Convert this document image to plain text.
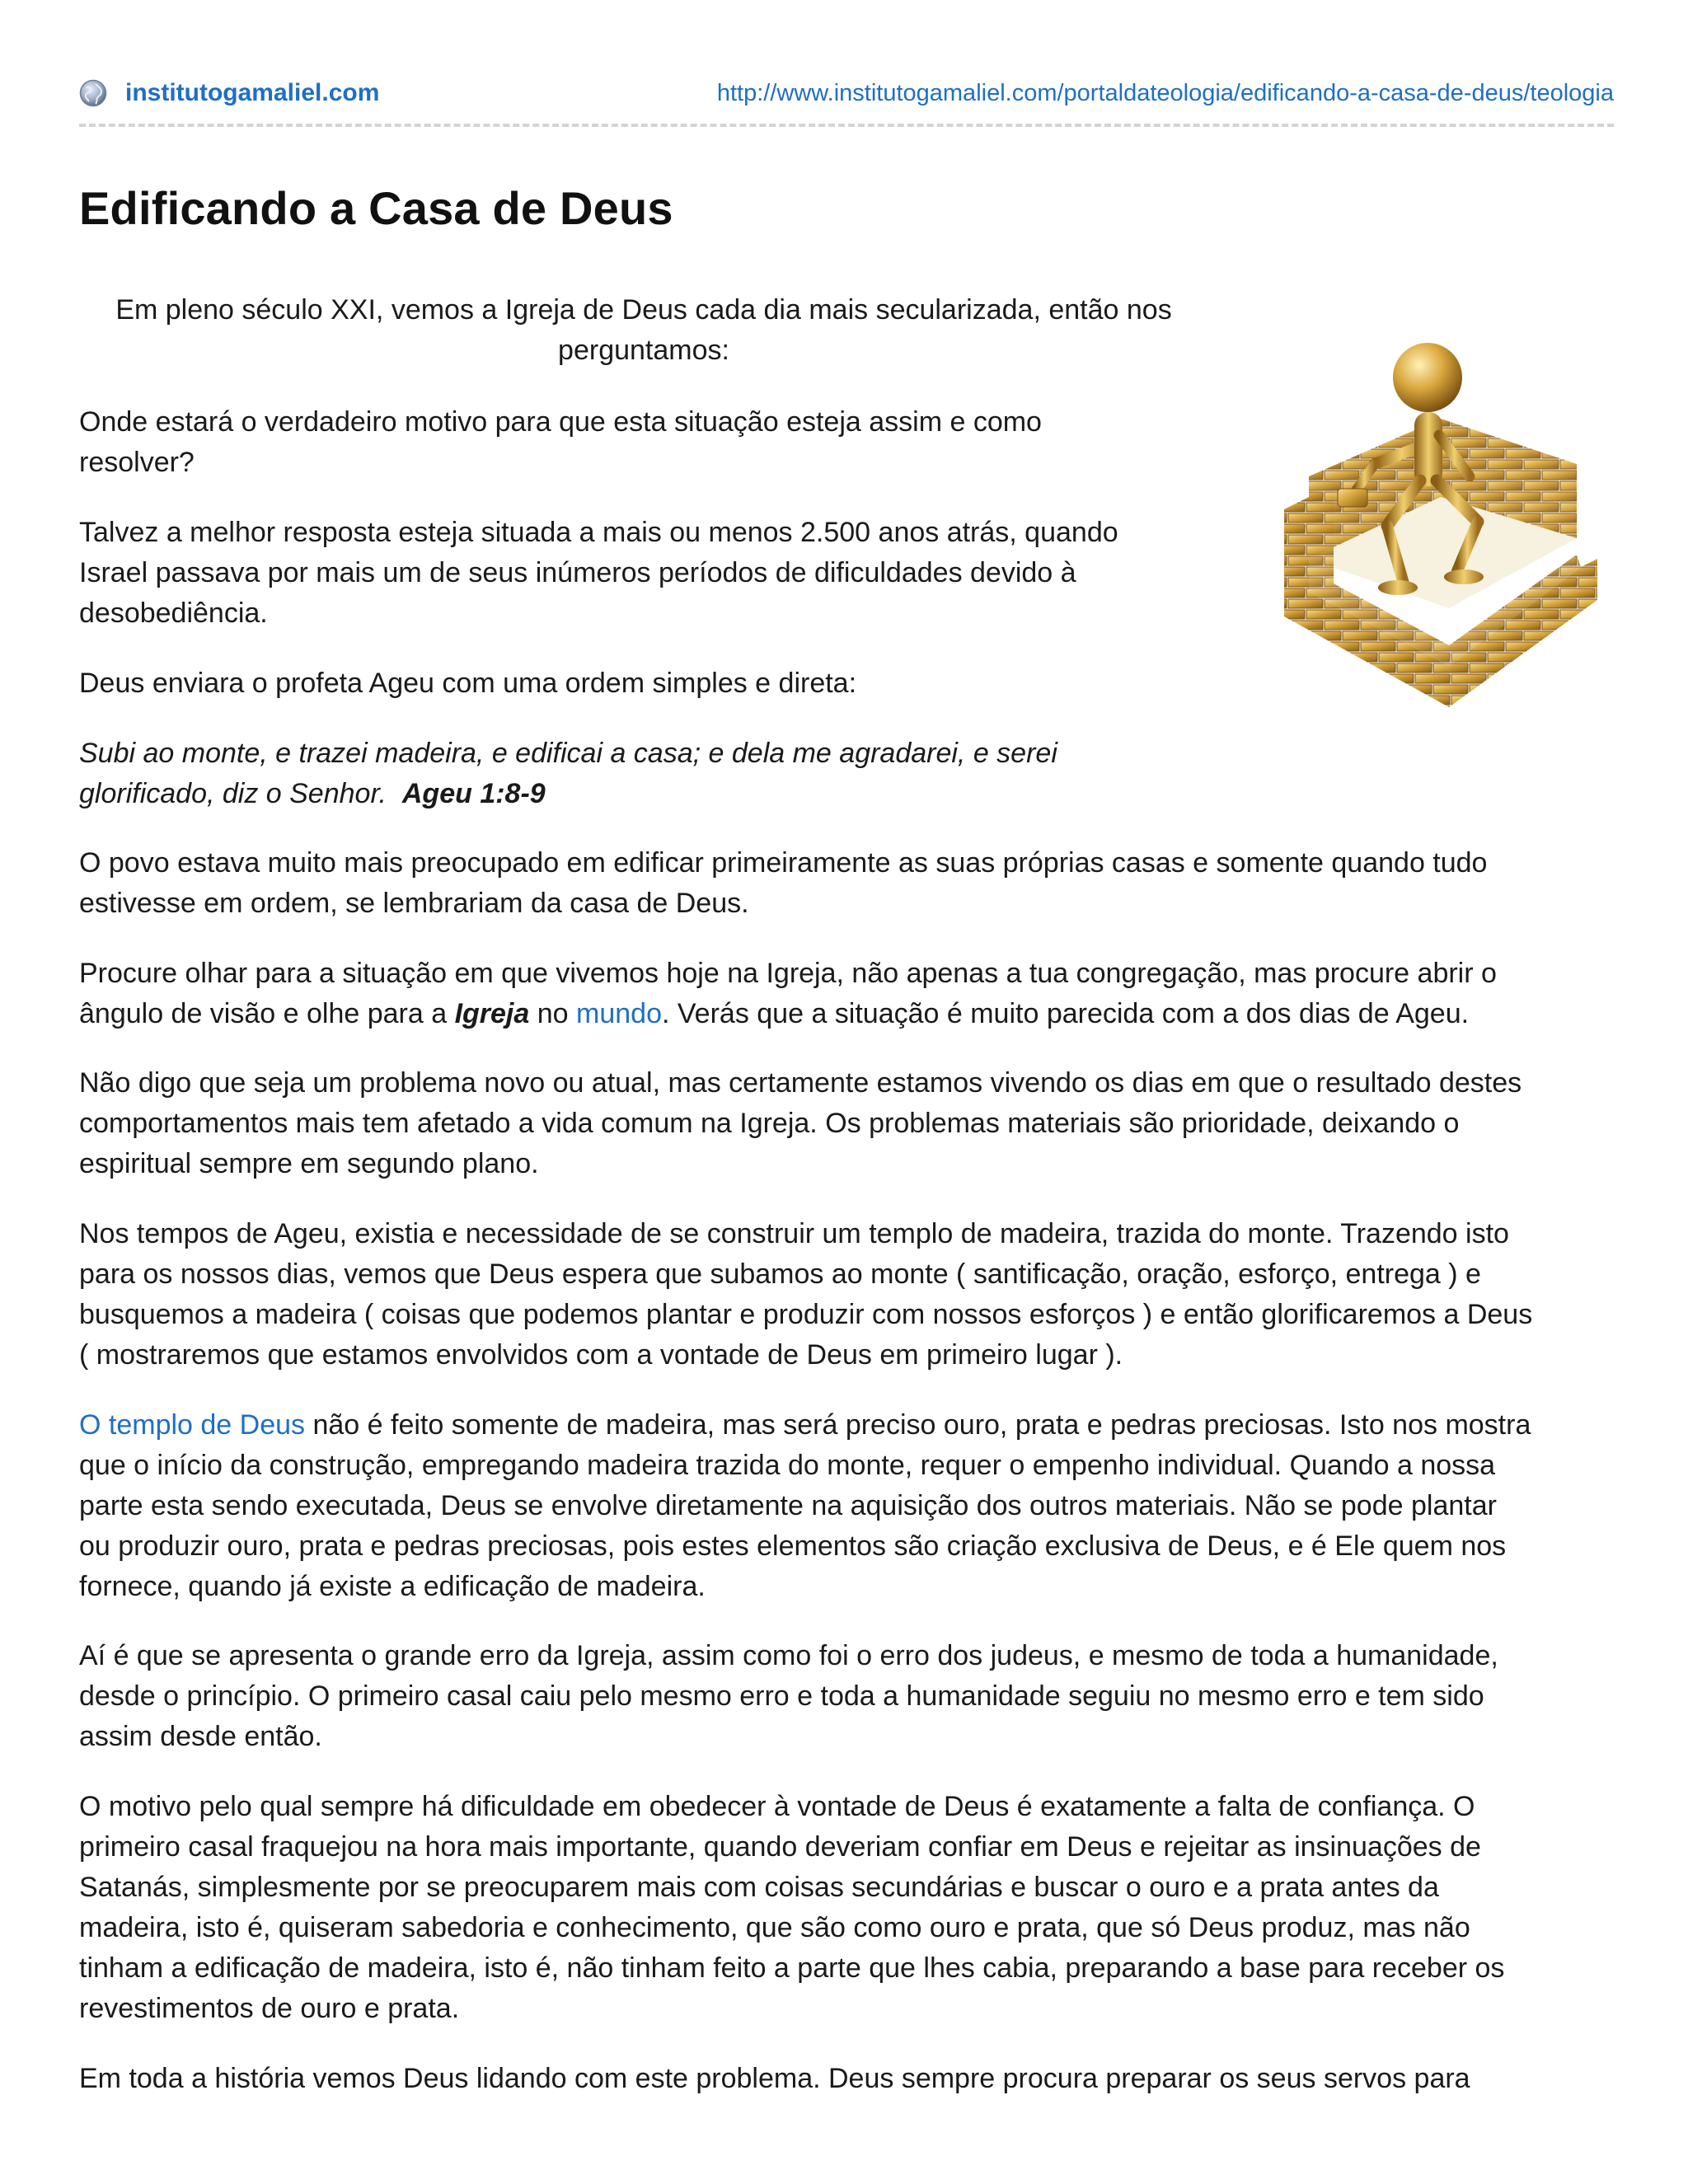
institutogamaliel.com	http://www.institutogamaliel.com/portaldateologia/edificando-a-casa-de-deus/teologia
Edificando a Casa de Deus

Em pleno século XXI, vemos a Igreja de Deus cada dia mais secularizada, então nos
perguntamos:

Onde estará o verdadeiro motivo para que esta situação esteja assim e como
resolver?

Talvez a melhor resposta esteja situada a mais ou menos 2.500 anos atrás, quando
Israel passava por mais um de seus inúmeros períodos de dificuldades devido à
desobediência.

Deus enviara o profeta Ageu com uma ordem simples e direta:

Subi ao monte, e trazei madeira, e edificai a casa; e dela me agradarei, e serei
glorificado, diz o Senhor. Ageu 1:8-9

O povo estava muito mais preocupado em edificar primeiramente as suas próprias casas e somente quando tudo
estivesse em ordem, se lembrariam da casa de Deus.

Procure olhar para a situação em que vivemos hoje na Igreja, não apenas a tua congregação, mas procure abrir o
ângulo de visão e olhe para a Igreja no mundo. Verás que a situação é muito parecida com a dos dias de Ageu.

Não digo que seja um problema novo ou atual, mas certamente estamos vivendo os dias em que o resultado destes
comportamentos mais tem afetado a vida comum na Igreja. Os problemas materiais são prioridade, deixando o
espiritual sempre em segundo plano.

Nos tempos de Ageu, existia e necessidade de se construir um templo de madeira, trazida do monte. Trazendo isto
para os nossos dias, vemos que Deus espera que subamos ao monte ( santificação, oração, esforço, entrega ) e
busquemos a madeira ( coisas que podemos plantar e produzir com nossos esforços ) e então glorificaremos a Deus
( mostraremos que estamos envolvidos com a vontade de Deus em primeiro lugar ).

O templo de Deus não é feito somente de madeira, mas será preciso ouro, prata e pedras preciosas. Isto nos mostra
que o início da construção, empregando madeira trazida do monte, requer o empenho individual. Quando a nossa
parte esta sendo executada, Deus se envolve diretamente na aquisição dos outros materiais. Não se pode plantar
ou produzir ouro, prata e pedras preciosas, pois estes elementos são criação exclusiva de Deus, e é Ele quem nos
fornece, quando já existe a edificação de madeira.

Aí é que se apresenta o grande erro da Igreja, assim como foi o erro dos judeus, e mesmo de toda a humanidade,
desde o princípio. O primeiro casal caiu pelo mesmo erro e toda a humanidade seguiu no mesmo erro e tem sido
assim desde então.

O motivo pelo qual sempre há dificuldade em obedecer à vontade de Deus é exatamente a falta de confiança. O
primeiro casal fraquejou na hora mais importante, quando deveriam confiar em Deus e rejeitar as insinuações de
Satanás, simplesmente por se preocuparem mais com coisas secundárias e buscar o ouro e a prata antes da
madeira, isto é, quiseram sabedoria e conhecimento, que são como ouro e prata, que só Deus produz, mas não
tinham a edificação de madeira, isto é, não tinham feito a parte que lhes cabia, preparando a base para receber os
revestimentos de ouro e prata.

Em toda a história vemos Deus lidando com este problema. Deus sempre procura preparar os seus servos para
